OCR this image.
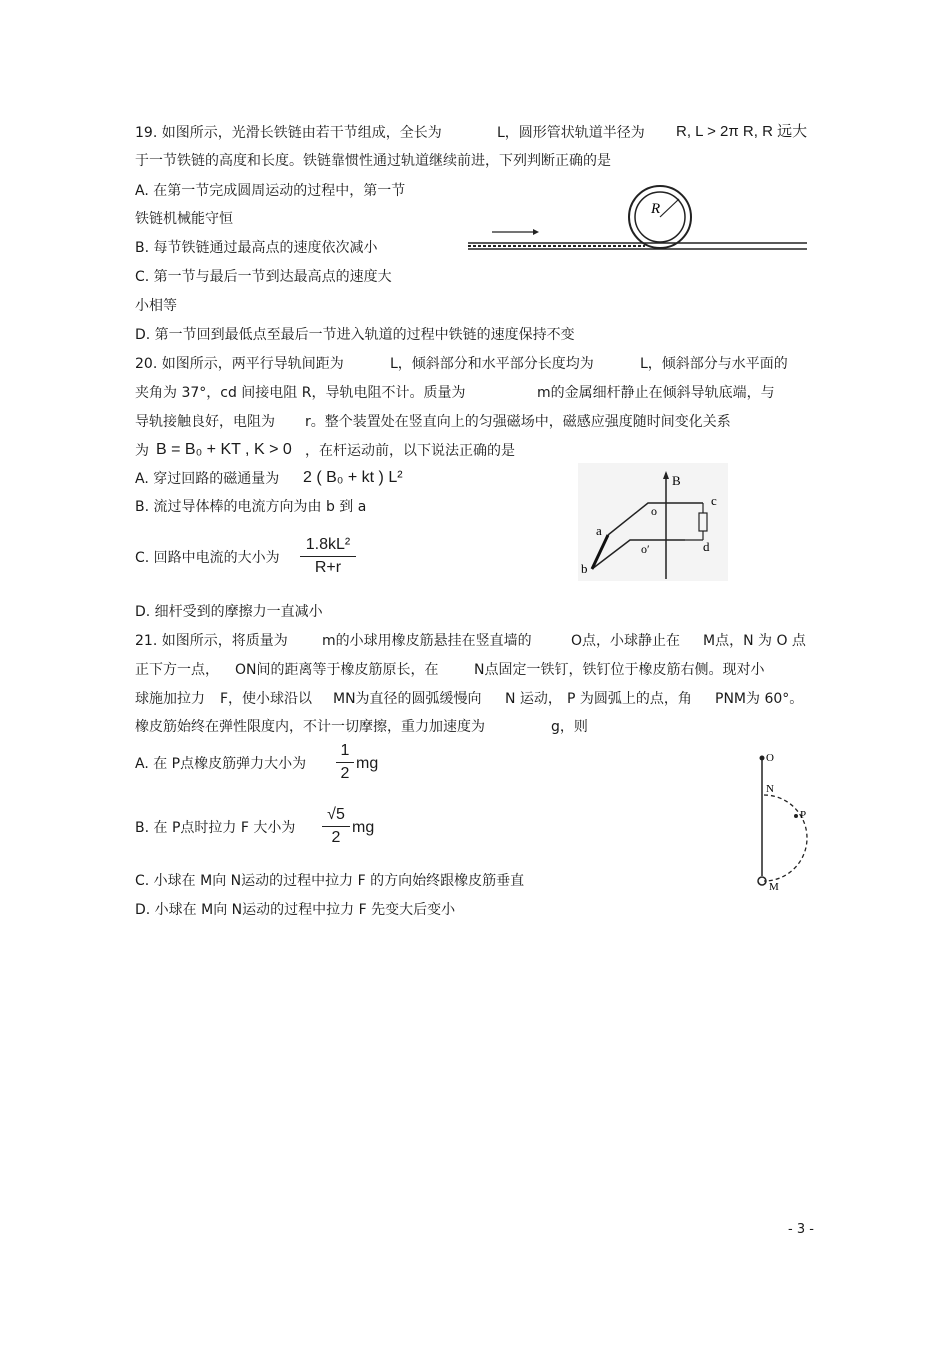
19. 如图所示，光滑长铁链由若干节组成，全长为	L，圆形管状轨道半径为 R, L > 2π R, R 远大
于一节铁链的高度和长度。铁链靠惯性通过轨道继续前进，下列判断正确的是
A. 在第一节完成圆周运动的过程中，第一节
铁链机械能守恒
B. 每节铁链通过最高点的速度依次减小
C. 第一节与最后一节到达最高点的速度大
小相等
D. 第一节回到最低点至最后一节进入轨道的过程中铁链的速度保持不变
R
20. 如图所示，两平行导轨间距为	L，倾斜部分和水平部分长度均为	L，倾斜部分与水平面的
夹角为 37°，cd 间接电阻 R，导轨电阻不计。质量为	m的金属细杆静止在倾斜导轨底端，与
导轨接触良好，电阻为 r。整个装置处在竖直向上的匀强磁场中，磁感应强度随时间变化关系
为 B = B₀ + KT , K > 0 ，在杆运动前，以下说法正确的是
A. 穿过回路的磁通量为 2 ( B₀ + kt ) L²
B. 流过导体棒的电流方向为由 b 到 a
C. 回路中电流的大小为
1.8kL²
R+r
D. 细杆受到的摩擦力一直减小
B
c
d
o
o′
a
b
21. 如图所示，将质量为 m的小球用橡皮筋悬挂在竖直墙的	O点，小球静止在 M点，N 为 O 点
正下方一点， ON间的距离等于橡皮筋原长，在	N点固定一铁钉，铁钉位于橡皮筋右侧。现对小
球施加拉力 F，使小球沿以 MN为直径的圆弧缓慢向 N 运动， P 为圆弧上的点，角 PNM为 60°。
橡皮筋始终在弹性限度内，不计一切摩擦，重力加速度为	g，则
A. 在 P点橡皮筋弹力大小为
1
2
mg
B. 在 P点时拉力 F 大小为
√5
2
mg
C. 小球在 M向 N运动的过程中拉力 F 的方向始终跟橡皮筋垂直
D. 小球在 M向 N运动的过程中拉力 F 先变大后变小
O
N
P
M
- 3 -
